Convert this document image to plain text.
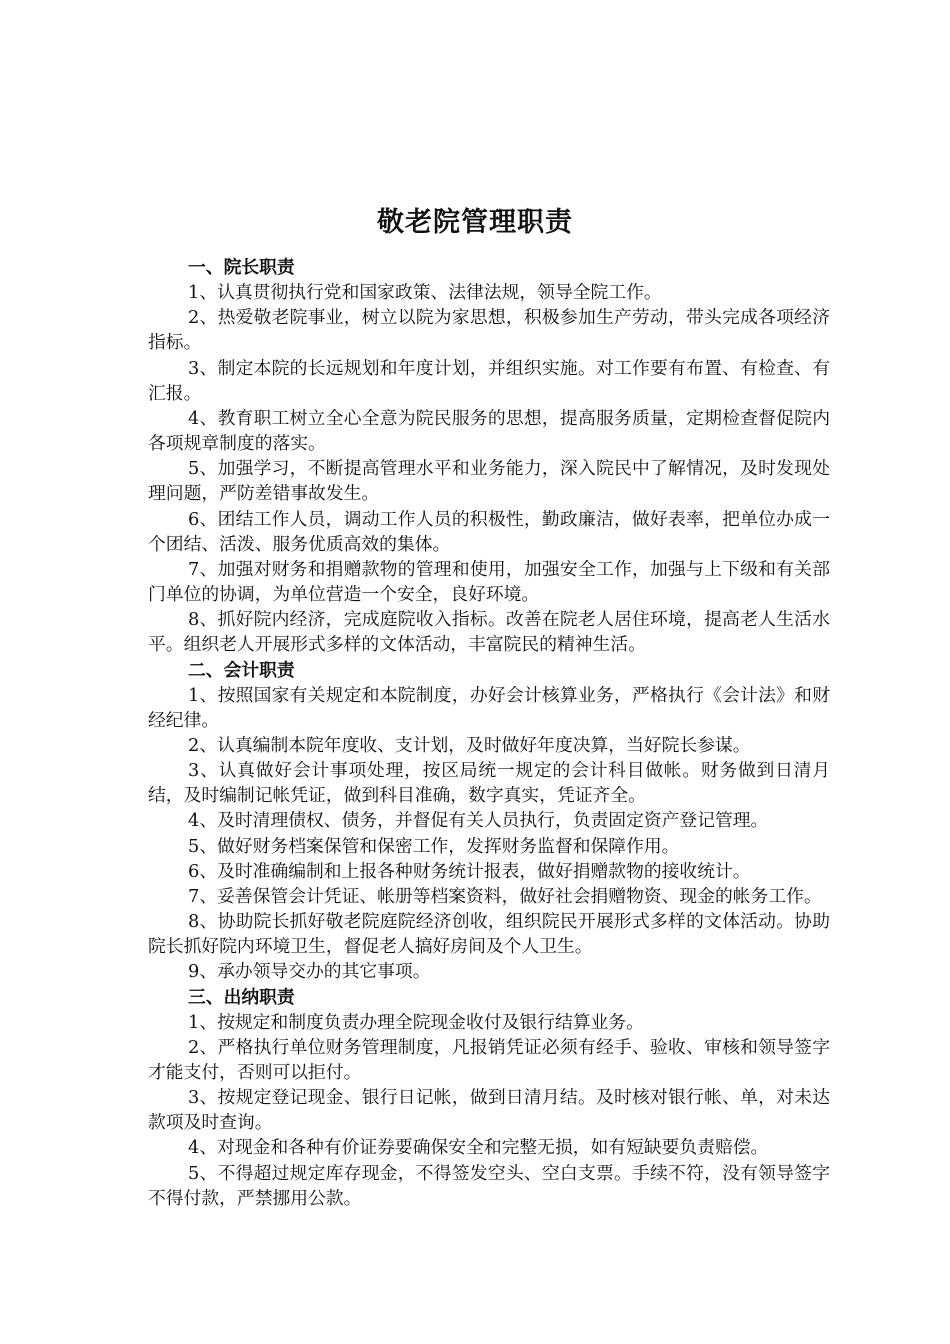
敬老院管理职责
一、院长职责

1、认真贯彻执行党和国家政策、法律法规，领导全院工作。

2、热爱敬老院事业，树立以院为家思想，积极参加生产劳动，带头完成各项经济指标。

3、制定本院的长远规划和年度计划，并组织实施。对工作要有布置、有检查、有汇报。

4、教育职工树立全心全意为院民服务的思想，提高服务质量，定期检查督促院内各项规章制度的落实。

5、加强学习，不断提高管理水平和业务能力，深入院民中了解情况，及时发现处理问题，严防差错事故发生。

6、团结工作人员，调动工作人员的积极性，勤政廉洁，做好表率，把单位办成一个团结、活泼、服务优质高效的集体。

7、加强对财务和捐赠款物的管理和使用，加强安全工作，加强与上下级和有关部门单位的协调，为单位营造一个安全，良好环境。

8、抓好院内经济，完成庭院收入指标。改善在院老人居住环境，提高老人生活水平。组织老人开展形式多样的文体活动，丰富院民的精神生活。

二、会计职责

1、按照国家有关规定和本院制度，办好会计核算业务，严格执行《会计法》和财经纪律。

2、认真编制本院年度收、支计划，及时做好年度决算，当好院长参谋。

3、认真做好会计事项处理，按区局统一规定的会计科目做帐。财务做到日清月结，及时编制记帐凭证，做到科目准确，数字真实，凭证齐全。

4、及时清理债权、债务，并督促有关人员执行，负责固定资产登记管理。

5、做好财务档案保管和保密工作，发挥财务监督和保障作用。

6、及时准确编制和上报各种财务统计报表，做好捐赠款物的接收统计。

7、妥善保管会计凭证、帐册等档案资料，做好社会捐赠物资、现金的帐务工作。

8、协助院长抓好敬老院庭院经济创收，组织院民开展形式多样的文体活动。协助院长抓好院内环境卫生，督促老人搞好房间及个人卫生。

9、承办领导交办的其它事项。

三、出纳职责

1、按规定和制度负责办理全院现金收付及银行结算业务。

2、严格执行单位财务管理制度，凡报销凭证必须有经手、验收、审核和领导签字才能支付，否则可以拒付。

3、按规定登记现金、银行日记帐，做到日清月结。及时核对银行帐、单，对未达款项及时查询。

4、对现金和各种有价证券要确保安全和完整无损，如有短缺要负责赔偿。

5、不得超过规定库存现金，不得签发空头、空白支票。手续不符，没有领导签字不得付款，严禁挪用公款。
